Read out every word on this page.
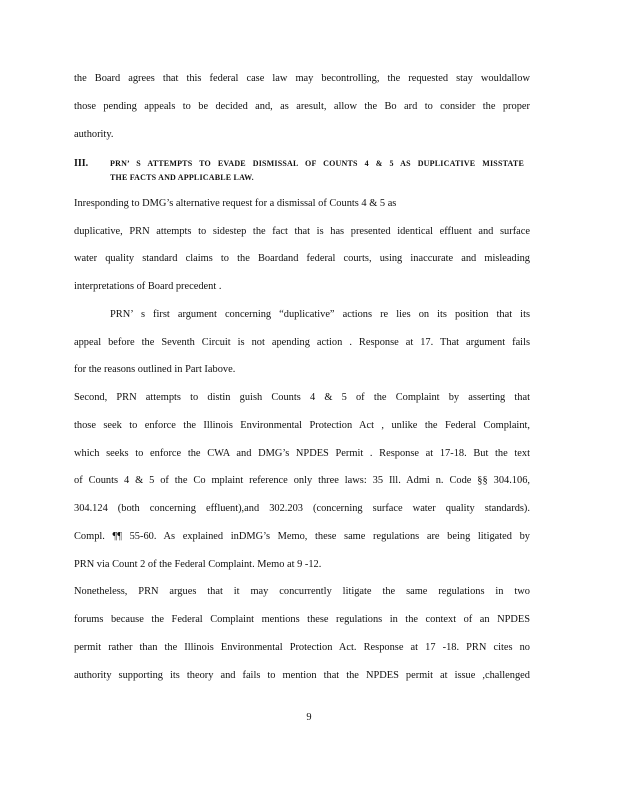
the Board agrees that this federal case law may becontrolling, the requested stay wouldallow
those pending appeals to be decided and, as aresult, allow the Bo ard to consider the proper
authority.
III.	PRN’ S ATTEMPTS TO EVADE DISMISSAL OF COUNTS 4 & 5 AS DUPLICATIVE MISSTATE
THE FACTS AND APPLICABLE LAW.
Inresponding to DMG’s alternative request for a dismissal of Counts 4 & 5 as
duplicative, PRN attempts to sidestep the fact that is has presented identical effluent and surface
water quality standard claims to the Boardand federal courts, using inaccurate and misleading
interpretations of Board precedent .
PRN’ s first argument concerning “duplicative” actions re lies on its position that its
appeal before the Seventh Circuit is not apending action . Response at 17. That argument fails
for the reasons outlined in Part Iabove.
Second, PRN attempts to distin guish Counts 4 & 5 of the Complaint by asserting that
those seek to enforce the Illinois Environmental Protection Act , unlike the Federal Complaint,
which seeks to enforce the CWA and DMG’s NPDES Permit . Response at 17-18. But the text
of Counts 4 & 5 of the Co mplaint reference only three laws: 35 Ill. Admi n. Code §§ 304.106,
304.124 (both concerning effluent),and 302.203 (concerning surface water quality standards).
Compl. ¶¶ 55-60. As explained inDMG’s Memo, these same regulations are being litigated by
PRN via Count 2 of the Federal Complaint. Memo at 9 -12.
Nonetheless, PRN argues that it may concurrently litigate the same regulations in two
forums because the Federal Complaint mentions these regulations in the context of an NPDES
permit rather than the Illinois Environmental Protection Act. Response at 17 -18. PRN cites no
authority supporting its theory and fails to mention that the NPDES permit at issue ,challenged
9
